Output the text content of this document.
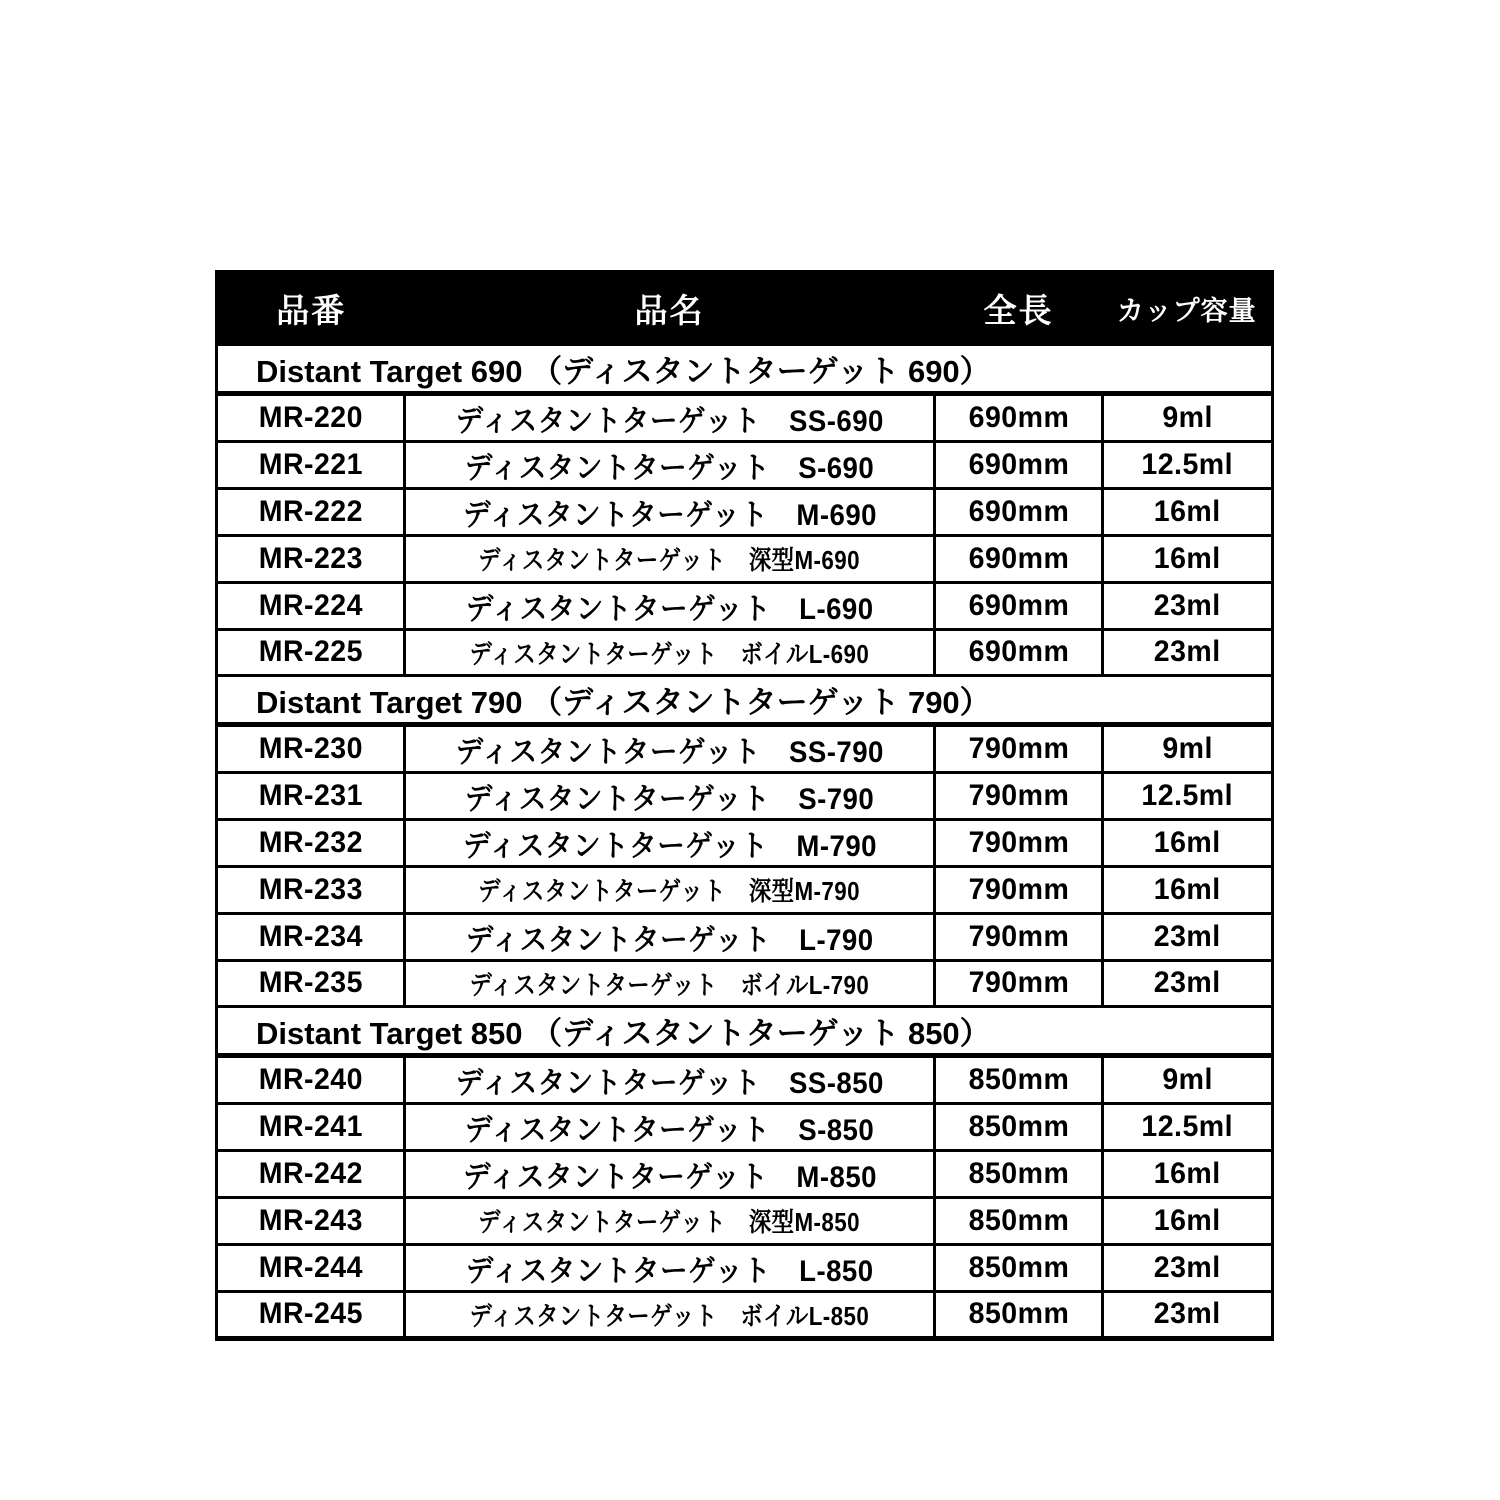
品番	品名	全長	カップ容量
Distant Target 690 （ディスタントターゲット 690）			
MR-220	ディスタントターゲット　SS-690	690mm	9ml
MR-221	ディスタントターゲット　S-690	690mm	12.5ml
MR-222	ディスタントターゲット　M-690	690mm	16ml
MR-223	ディスタントターゲット　深型M-690	690mm	16ml
MR-224	ディスタントターゲット　L-690	690mm	23ml
MR-225	ディスタントターゲット　ボイルL-690	690mm	23ml
Distant Target 790 （ディスタントターゲット 790）			
MR-230	ディスタントターゲット　SS-790	790mm	9ml
MR-231	ディスタントターゲット　S-790	790mm	12.5ml
MR-232	ディスタントターゲット　M-790	790mm	16ml
MR-233	ディスタントターゲット　深型M-790	790mm	16ml
MR-234	ディスタントターゲット　L-790	790mm	23ml
MR-235	ディスタントターゲット　ボイルL-790	790mm	23ml
Distant Target 850 （ディスタントターゲット 850）			
MR-240	ディスタントターゲット　SS-850	850mm	9ml
MR-241	ディスタントターゲット　S-850	850mm	12.5ml
MR-242	ディスタントターゲット　M-850	850mm	16ml
MR-243	ディスタントターゲット　深型M-850	850mm	16ml
MR-244	ディスタントターゲット　L-850	850mm	23ml
MR-245	ディスタントターゲット　ボイルL-850	850mm	23ml
